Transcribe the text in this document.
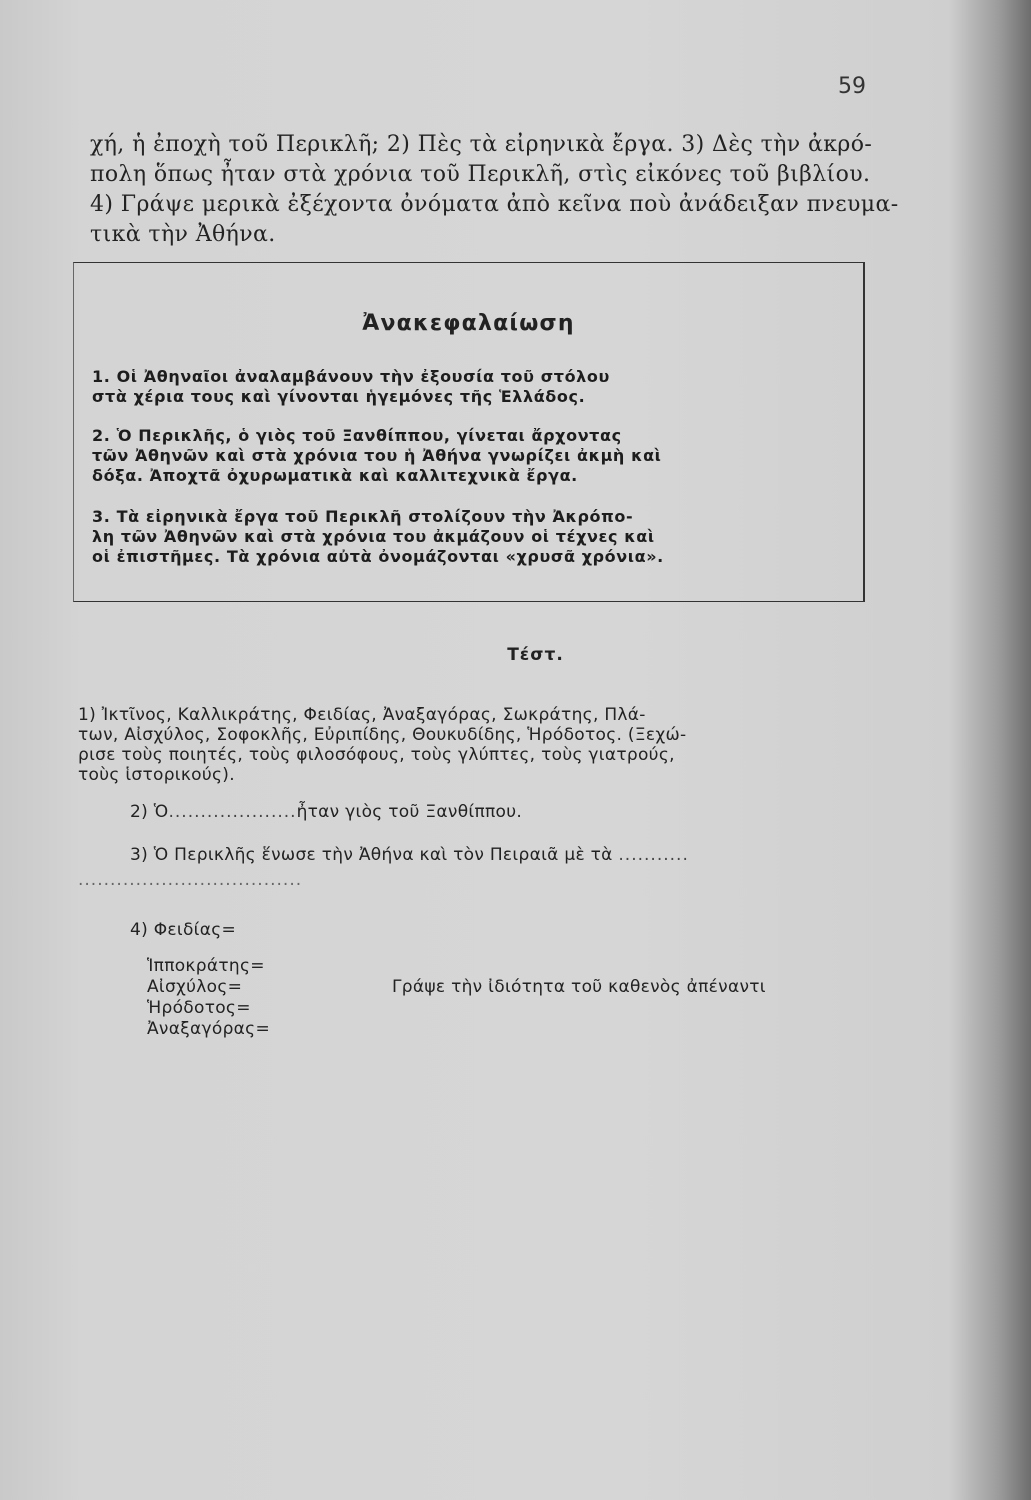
59
χή, ἡ ἐποχὴ τοῦ Περικλῆ; 2) Πὲς τὰ εἰρηνικὰ ἔργα. 3) Δὲς τὴν ἀκρό-
πολη ὅπως ἦταν στὰ χρόνια τοῦ Περικλῆ, στὶς εἰκόνες τοῦ βιβλίου.
4) Γράψε μερικὰ ἐξέχοντα ὀνόματα ἀπὸ κεῖνα ποὺ ἀνάδειξαν πνευμα-
τικὰ τὴν Ἀθήνα.
Ἀνακεφαλαίωση
1. Οἱ Ἀθηναῖοι ἀναλαμβάνουν τὴν ἐξουσία τοῦ στόλου
στὰ χέρια τους καὶ γίνονται ἡγεμόνες τῆς Ἑλλάδος.
2. Ὁ Περικλῆς, ὁ γιὸς τοῦ Ξανθίππου, γίνεται ἄρχοντας
τῶν Ἀθηνῶν καὶ στὰ χρόνια του ἡ Ἀθήνα γνωρίζει ἀκμὴ καὶ
δόξα. Ἀποχτᾶ ὀχυρωματικὰ καὶ καλλιτεχνικὰ ἔργα.
3. Τὰ εἰρηνικὰ ἔργα τοῦ Περικλῆ στολίζουν τὴν Ἀκρόπο-
λη τῶν Ἀθηνῶν καὶ στὰ χρόνια του ἀκμάζουν οἱ τέχνες καὶ
οἱ ἐπιστῆμες. Τὰ χρόνια αὐτὰ ὀνομάζονται «χρυσᾶ χρόνια».
Τέστ.
1) Ἰκτῖνος, Καλλικράτης, Φειδίας, Ἀναξαγόρας, Σωκράτης, Πλά-
των, Αἰσχύλος, Σοφοκλῆς, Εὐριπίδης, Θουκυδίδης, Ἡρόδοτος. (Ξεχώ-
ρισε τοὺς ποιητές, τοὺς φιλοσόφους, τοὺς γλύπτες, τοὺς γιατρούς,
τοὺς ἱστορικούς).
2) Ὁ....................ἦταν γιὸς τοῦ Ξανθίππου.
3) Ὁ Περικλῆς ἕνωσε τὴν Ἀθήνα καὶ τὸν Πειραιᾶ μὲ τὰ ...........
...................................
4) Φειδίας=
Ἱπποκράτης=
Αἰσχύλος=
Ἡρόδοτος=
Ἀναξαγόρας=
Γράψε τὴν ἰδιότητα τοῦ καθενὸς ἀπέναντι
